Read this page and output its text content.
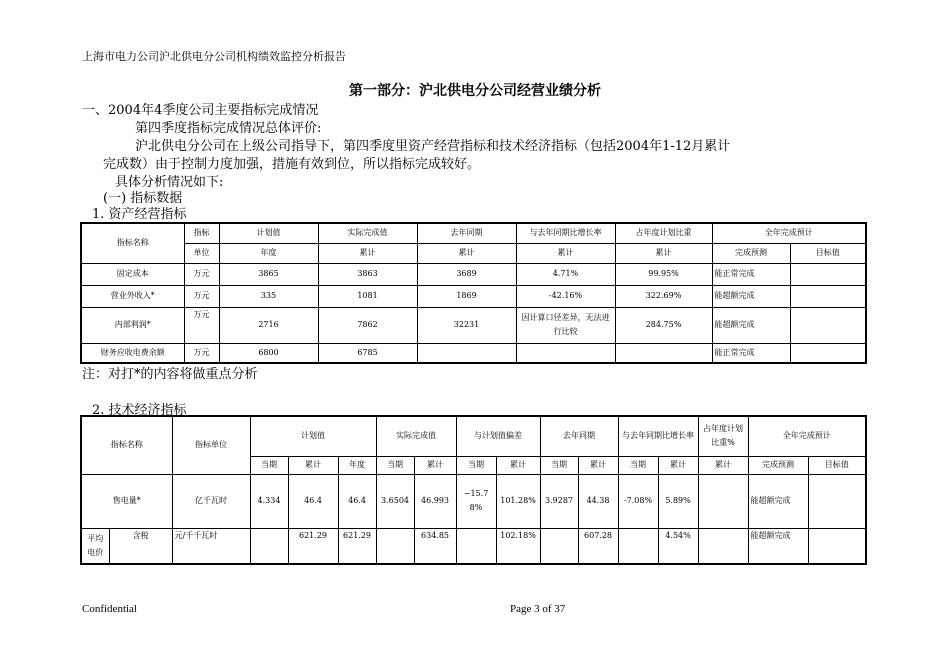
上海市电力公司沪北供电分公司机构绩效监控分析报告
第一部分：沪北供电分公司经营业绩分析
一、2004年4季度公司主要指标完成情况
第四季度指标完成情况总体评价:
沪北供电分公司在上级公司指导下，第四季度里资产经营指标和技术经济指标（包括2004年1-12月累计
完成数）由于控制力度加强，措施有效到位，所以指标完成较好。
具体分析情况如下:
(一) 指标数据
1. 资产经营指标
指标名称	指标	计划值	实际完成值	去年同期	与去年同期比增长率	占年度计划比重	全年完成预计	
	单位	年度	累计	累计	累计	累计	完成预测	目标值
固定成本	万元	3865	3863	3689	4.71%	99.95%	能正常完成	
营业外收入*	万元	335	1081	1869	-42.16%	322.69%	能超额完成	
内部利润*	万元	2716	7862	32231	因计算口径差异，无法进行比较	284.75%	能超额完成	
财务应收电费余额	万元	6800	6785				能正常完成	
注：对打*的内容将做重点分析
2. 技术经济指标
指标名称		指标单位	计划值			实际完成值		与计划值偏差		去年同期		与去年同期比增长率		占年度计划比重%	全年完成预计	
			当期	累计	年度	当期	累计	当期	累计	当期	累计	当期	累计	累计	完成预测	目标值
售电量*		亿千瓦时	4.334	46.4	46.4	3.6504	46.993	−15.78%	101.28%	3.9287	44.38	-7.08%	5.89%		能超额完成	
平均电价	含税	元/千千瓦时		621.29	621.29		634.85		102.18%		607.28		4.54%		能超额完成	
Confidential	Page 3 of 37
